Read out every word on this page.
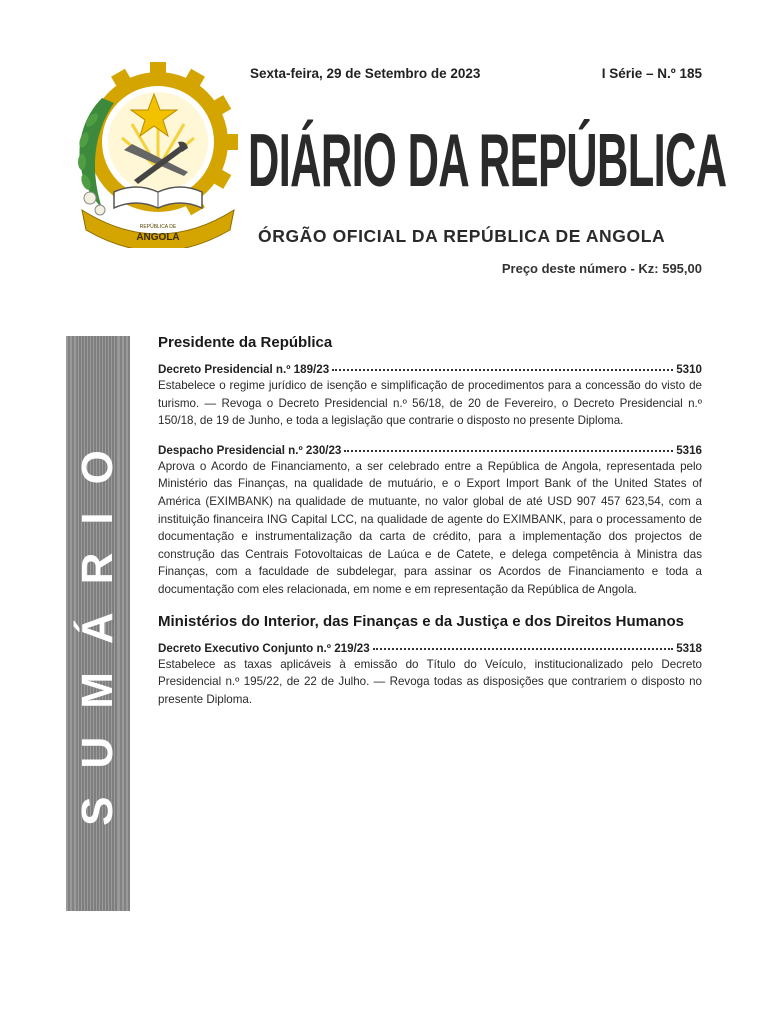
REPÚBLICA DE
ANGOLA
Sexta-feira, 29 de Setembro de 2023	I Série – N.º 185
DIÁRIO DA REPÚBLICA
ÓRGÃO OFICIAL DA REPÚBLICA DE ANGOLA
Preço deste número - Kz: 595,00
SUMÁRIO
Presidente da República
Decreto Presidencial n.º 189/23	5310
Estabelece o regime jurídico de isenção e simplificação de procedimentos para a concessão do visto de turismo. — Revoga o Decreto Presidencial n.º 56/18, de 20 de Fevereiro, o Decreto Presidencial n.º 150/18, de 19 de Junho, e toda a legislação que contrarie o disposto no presente Diploma.
Despacho Presidencial n.º 230/23	5316
Aprova o Acordo de Financiamento, a ser celebrado entre a República de Angola, representada pelo Ministério das Finanças, na qualidade de mutuário, e o Export Import Bank of the United States of América (EXIMBANK) na qualidade de mutuante, no valor global de até USD 907 457 623,54, com a instituição financeira ING Capital LCC, na qualidade de agente do EXIMBANK, para o processamento de documentação e instrumentalização da carta de crédito, para a implementação dos projectos de construção das Centrais Fotovoltaicas de Laúca e de Catete, e delega competência à Ministra das Finanças, com a faculdade de subdelegar, para assinar os Acordos de Financiamento e toda a documentação com eles relacionada, em nome e em representação da República de Angola.
Ministérios do Interior, das Finanças e da Justiça e dos Direitos Humanos
Decreto Executivo Conjunto n.º 219/23	5318
Estabelece as taxas aplicáveis à emissão do Título do Veículo, institucionalizado pelo Decreto Presidencial n.º 195/22, de 22 de Julho. — Revoga todas as disposições que contrariem o disposto no presente Diploma.
